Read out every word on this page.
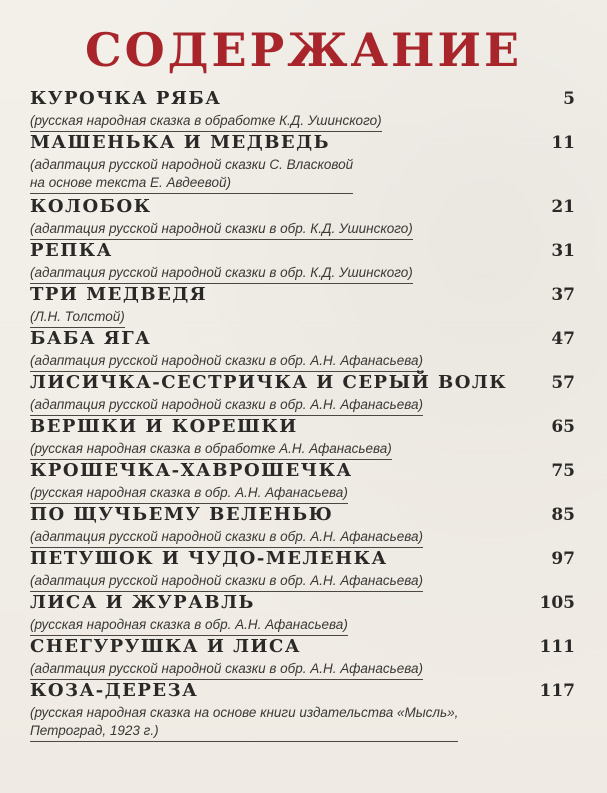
СОДЕРЖАНИЕ
КУРОЧКА РЯБА	5
(русская народная сказка в обработке К.Д. Ушинского)
МАШЕНЬКА И МЕДВЕДЬ	11
(адаптация русской народной сказки С. Власковой
на основе текста Е. Авдеевой)
КОЛОБОК	21
(адаптация русской народной сказки в обр. К.Д. Ушинского)
РЕПКА	31
(адаптация русской народной сказки в обр. К.Д. Ушинского)
ТРИ МЕДВЕДЯ	37
(Л.Н. Толстой)
БАБА ЯГА	47
(адаптация русской народной сказки в обр. А.Н. Афанасьева)
ЛИСИЧКА-СЕСТРИЧКА И СЕРЫЙ ВОЛК	57
(адаптация русской народной сказки в обр. А.Н. Афанасьева)
ВЕРШКИ И КОРЕШКИ	65
(русская народная сказка в обработке А.Н. Афанасьева)
КРОШЕЧКА-ХАВРОШЕЧКА	75
(русская народная сказка в обр. А.Н. Афанасьева)
ПО ЩУЧЬЕМУ ВЕЛЕНЬЮ	85
(адаптация русской народной сказки в обр. А.Н. Афанасьева)
ПЕТУШОК И ЧУДО-МЕЛЕНКА	97
(адаптация русской народной сказки в обр. А.Н. Афанасьева)
ЛИСА И ЖУРАВЛЬ	105
(русская народная сказка в обр. А.Н. Афанасьева)
СНЕГУРУШКА И ЛИСА	111
(адаптация русской народной сказки в обр. А.Н. Афанасьева)
КОЗА-ДЕРЕЗА	117
(русская народная сказка на основе книги издательства «Мысль»,
Петроград, 1923 г.)
